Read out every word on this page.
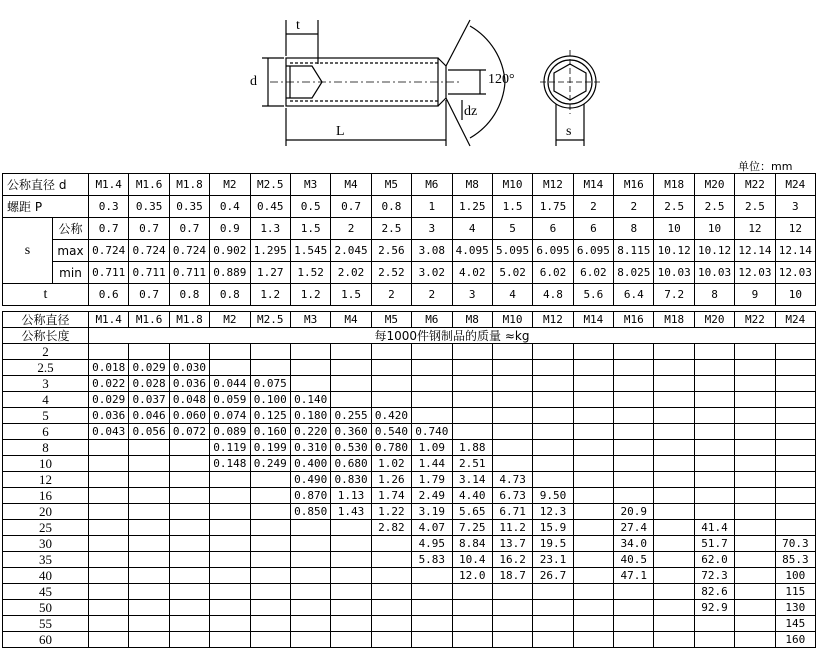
t
d
L
120°
dz
s
单位：mm
公称直径 d		M1.4	M1.6	M1.8	M2	M2.5	M3	M4	M5	M6	M8	M10	M12	M14	M16	M18	M20	M22	M24
螺距 P		0.3	0.35	0.35	0.4	0.45	0.5	0.7	0.8	1	1.25	1.5	1.75	2	2	2.5	2.5	2.5	3
s	公称	0.7	0.7	0.7	0.9	1.3	1.5	2	2.5	3	4	5	6	6	8	10	10	12	12
	max	0.724	0.724	0.724	0.902	1.295	1.545	2.045	2.56	3.08	4.095	5.095	6.095	6.095	8.115	10.12	10.12	12.14	12.14
	min	0.711	0.711	0.711	0.889	1.27	1.52	2.02	2.52	3.02	4.02	5.02	6.02	6.02	8.025	10.03	10.03	12.03	12.03
t		0.6	0.7	0.8	0.8	1.2	1.2	1.5	2	2	3	4	4.8	5.6	6.4	7.2	8	9	10
公称直径	M1.4	M1.6	M1.8	M2	M2.5	M3	M4	M5	M6	M8	M10	M12	M14	M16	M18	M20	M22	M24
公称长度	每1000件钢制品的质量 ≈kg																	
2																		
2.5	0.018	0.029	0.030															
3	0.022	0.028	0.036	0.044	0.075													
4	0.029	0.037	0.048	0.059	0.100	0.140												
5	0.036	0.046	0.060	0.074	0.125	0.180	0.255	0.420										
6	0.043	0.056	0.072	0.089	0.160	0.220	0.360	0.540	0.740									
8				0.119	0.199	0.310	0.530	0.780	1.09	1.88								
10				0.148	0.249	0.400	0.680	1.02	1.44	2.51								
12						0.490	0.830	1.26	1.79	3.14	4.73							
16						0.870	1.13	1.74	2.49	4.40	6.73	9.50						
20						0.850	1.43	1.22	3.19	5.65	6.71	12.3		20.9				
25								2.82	4.07	7.25	11.2	15.9		27.4		41.4		
30									4.95	8.84	13.7	19.5		34.0		51.7		70.3
35									5.83	10.4	16.2	23.1		40.5		62.0		85.3
40										12.0	18.7	26.7		47.1		72.3		100
45																82.6		115
50																92.9		130
55																		145
60																		160
